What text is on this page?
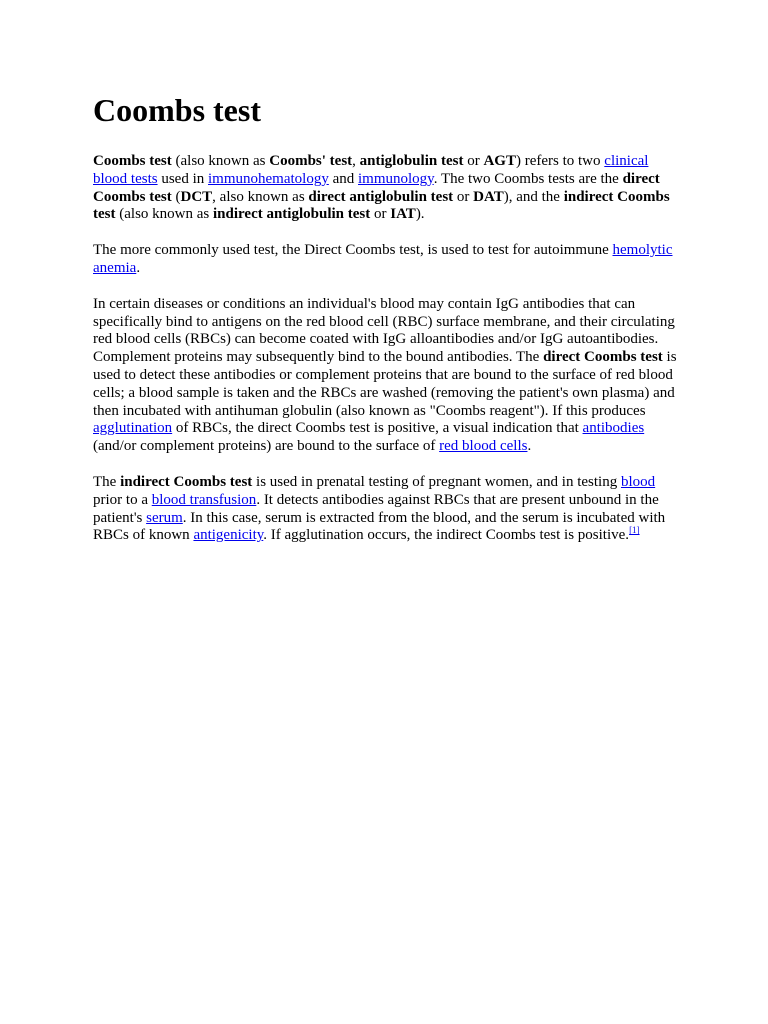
Coombs test

Coombs test (also known as Coombs' test, antiglobulin test or AGT) refers to two clinical blood tests used in immunohematology and immunology. The two Coombs tests are the direct Coombs test (DCT, also known as direct antiglobulin test or DAT), and the indirect Coombs test (also known as indirect antiglobulin test or IAT).

The more commonly used test, the Direct Coombs test, is used to test for autoimmune hemolytic anemia.

In certain diseases or conditions an individual's blood may contain IgG antibodies that can specifically bind to antigens on the red blood cell (RBC) surface membrane, and their circulating red blood cells (RBCs) can become coated with IgG alloantibodies and/or IgG autoantibodies. Complement proteins may subsequently bind to the bound antibodies. The direct Coombs test is used to detect these antibodies or complement proteins that are bound to the surface of red blood cells; a blood sample is taken and the RBCs are washed (removing the patient's own plasma) and then incubated with antihuman globulin (also known as "Coombs reagent"). If this produces agglutination of RBCs, the direct Coombs test is positive, a visual indication that antibodies (and/or complement proteins) are bound to the surface of red blood cells.

The indirect Coombs test is used in prenatal testing of pregnant women, and in testing blood prior to a blood transfusion. It detects antibodies against RBCs that are present unbound in the patient's serum. In this case, serum is extracted from the blood, and the serum is incubated with RBCs of known antigenicity. If agglutination occurs, the indirect Coombs test is positive.[1]
